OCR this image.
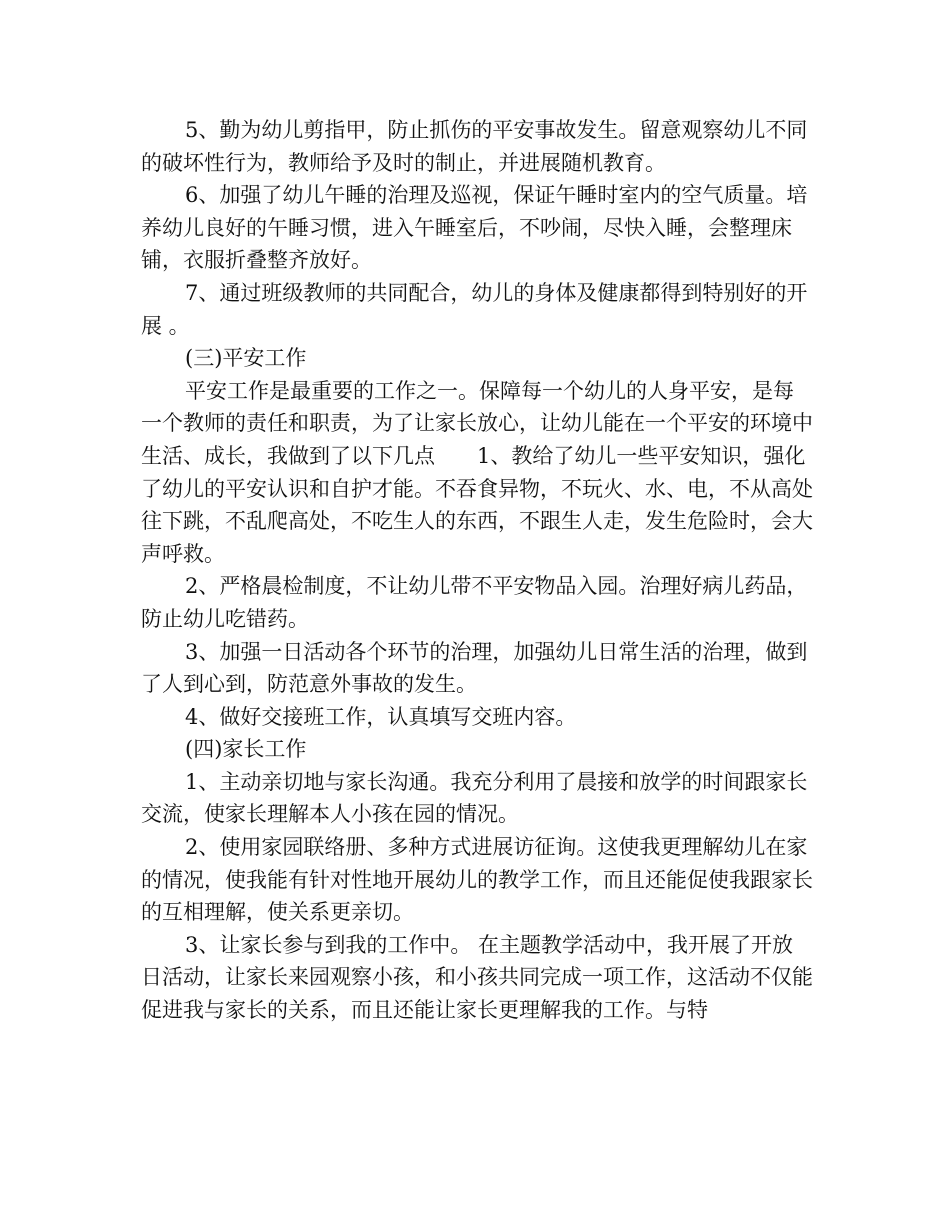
5、勤为幼儿剪指甲，防止抓伤的平安事故发生。留意观察幼儿不同的破坏性行为，教师给予及时的制止，并进展随机教育。

6、加强了幼儿午睡的治理及巡视，保证午睡时室内的空气质量。培养幼儿良好的午睡习惯，进入午睡室后，不吵闹，尽快入睡，会整理床铺，衣服折叠整齐放好。

7、通过班级教师的共同配合，幼儿的身体及健康都得到特别好的开展 。

(三)平安工作

平安工作是最重要的工作之一。保障每一个幼儿的人身平安，是每一个教师的责任和职责，为了让家长放心，让幼儿能在一个平安的环境中生活、成长，我做到了以下几点　　1、教给了幼儿一些平安知识，强化了幼儿的平安认识和自护才能。不吞食异物，不玩火、水、电，不从高处往下跳，不乱爬高处，不吃生人的东西，不跟生人走，发生危险时，会大声呼救。

2、严格晨检制度，不让幼儿带不平安物品入园。治理好病儿药品，防止幼儿吃错药。

3、加强一日活动各个环节的治理，加强幼儿日常生活的治理，做到了人到心到，防范意外事故的发生。

4、做好交接班工作，认真填写交班内容。

(四)家长工作

1、主动亲切地与家长沟通。我充分利用了晨接和放学的时间跟家长交流，使家长理解本人小孩在园的情况。

2、使用家园联络册、多种方式进展访征询。这使我更理解幼儿在家的情况，使我能有针对性地开展幼儿的教学工作，而且还能促使我跟家长的互相理解，使关系更亲切。

3、让家长参与到我的工作中。 在主题教学活动中，我开展了开放日活动，让家长来园观察小孩，和小孩共同完成一项工作，这活动不仅能促进我与家长的关系，而且还能让家长更理解我的工作。与特
